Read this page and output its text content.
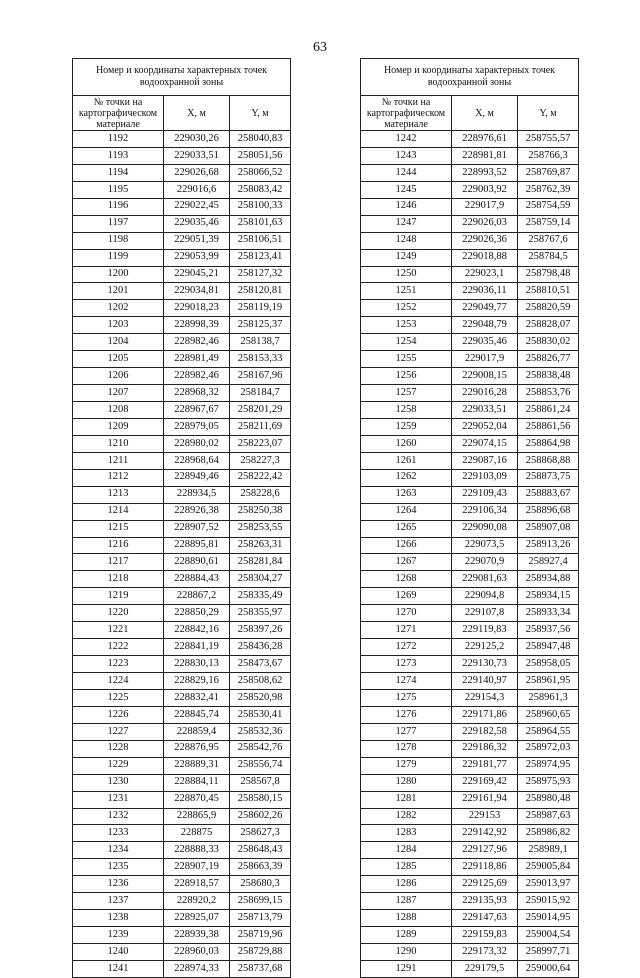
63
Номер и координаты характерных точек водоохранной зоны		
№ точки на картографическом материале	X, м	Y, м
1192	229030,26	258040,83
1193	229033,51	258051,56
1194	229026,68	258066,52
1195	229016,6	258083,42
1196	229022,45	258100,33
1197	229035,46	258101,63
1198	229051,39	258106,51
1199	229053,99	258123,41
1200	229045,21	258127,32
1201	229034,81	258120,81
1202	229018,23	258119,19
1203	228998,39	258125,37
1204	228982,46	258138,7
1205	228981,49	258153,33
1206	228982,46	258167,96
1207	228968,32	258184,7
1208	228967,67	258201,29
1209	228979,05	258211,69
1210	228980,02	258223,07
1211	228968,64	258227,3
1212	228949,46	258222,42
1213	228934,5	258228,6
1214	228926,38	258250,38
1215	228907,52	258253,55
1216	228895,81	258263,31
1217	228890,61	258281,84
1218	228884,43	258304,27
1219	228867,2	258335,49
1220	228850,29	258355,97
1221	228842,16	258397,26
1222	228841,19	258436,28
1223	228830,13	258473,67
1224	228829,16	258508,62
1225	228832,41	258520,98
1226	228845,74	258530,41
1227	228859,4	258532,36
1228	228876,95	258542,76
1229	228889,31	258556,74
1230	228884,11	258567,8
1231	228870,45	258580,15
1232	228865,9	258602,26
1233	228875	258627,3
1234	228888,33	258648,43
1235	228907,19	258663,39
1236	228918,57	258680,3
1237	228920,2	258699,15
1238	228925,07	258713,79
1239	228939,38	258719,96
1240	228960,03	258729,88
1241	228974,33	258737,68
Номер и координаты характерных точек водоохранной зоны		
№ точки на картографическом материале	X, м	Y, м
1242	228976,61	258755,57
1243	228981,81	258766,3
1244	228993,52	258769,87
1245	229003,92	258762,39
1246	229017,9	258754,59
1247	229026,03	258759,14
1248	229026,36	258767,6
1249	229018,88	258784,5
1250	229023,1	258798,48
1251	229036,11	258810,51
1252	229049,77	258820,59
1253	229048,79	258828,07
1254	229035,46	258830,02
1255	229017,9	258826,77
1256	229008,15	258838,48
1257	229016,28	258853,76
1258	229033,51	258861,24
1259	229052,04	258861,56
1260	229074,15	258864,98
1261	229087,16	258868,88
1262	229103,09	258873,75
1263	229109,43	258883,67
1264	229106,34	258896,68
1265	229090,08	258907,08
1266	229073,5	258913,26
1267	229070,9	258927,4
1268	229081,63	258934,88
1269	229094,8	258934,15
1270	229107,8	258933,34
1271	229119,83	258937,56
1272	229125,2	258947,48
1273	229130,73	258958,05
1274	229140,97	258961,95
1275	229154,3	258961,3
1276	229171,86	258960,65
1277	229182,58	258964,55
1278	229186,32	258972,03
1279	229181,77	258974,95
1280	229169,42	258975,93
1281	229161,94	258980,48
1282	229153	258987,63
1283	229142,92	258986,82
1284	229127,96	258989,1
1285	229118,86	259005,84
1286	229125,69	259013,97
1287	229135,93	259015,92
1288	229147,63	259014,95
1289	229159,83	259004,54
1290	229173,32	258997,71
1291	229179,5	259000,64
